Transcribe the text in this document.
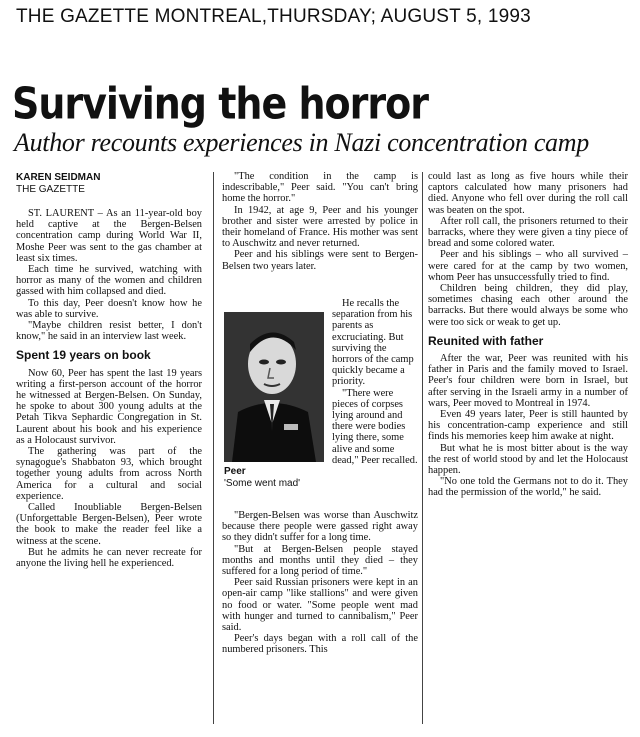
THE GAZETTE MONTREAL,THURSDAY; AUGUST 5, 1993
Surviving the horror
Author recounts experiences in Nazi concentration camp
KAREN SEIDMAN
THE GAZETTE

ST. LAURENT – As an 11-year-old boy held captive at the Bergen-Belsen concentration camp during World War II, Moshe Peer was sent to the gas chamber at least six times.

Each time he survived, watching with horror as many of the women and children gassed with him collapsed and died.

To this day, Peer doesn't know how he was able to survive.

"Maybe children resist better, I don't know," he said in an interview last week.

Spent 19 years on book

Now 60, Peer has spent the last 19 years writing a first-person account of the horror he witnessed at Bergen-Belsen. On Sunday, he spoke to about 300 young adults at the Petah Tikva Sephardic Congregation in St. Laurent about his book and his experience as a Holocaust survivor.

The gathering was part of the synagogue's Shabbaton 93, which brought together young adults from across North America for a cultural and social experience.

Called Inoubliable Bergen-Belsen (Unforgettable Bergen-Belsen), Peer wrote the book to make the reader feel like a witness at the scene.

But he admits he can never recreate for anyone the living hell he experienced.

"The condition in the camp is indescribable," Peer said. "You can't bring home the horror."

In 1942, at age 9, Peer and his younger brother and sister were arrested by police in their homeland of France. His mother was sent to Auschwitz and never returned.

Peer and his siblings were sent to Bergen-Belsen two years later.

Peer
'Some went mad'

He recalls the separation from his parents as excruciating. But surviving the horrors of the camp quickly became a priority.

"There were pieces of corpses lying around and there were bodies lying there, some alive and some dead," Peer recalled.

"Bergen-Belsen was worse than Auschwitz because there people were gassed right away so they didn't suffer for a long time.

"But at Bergen-Belsen people stayed months and months until they died – they suffered for a long period of time."

Peer said Russian prisoners were kept in an open-air camp "like stallions" and were given no food or water. "Some people went mad with hunger and turned to cannibalism," Peer said.

Peer's days began with a roll call of the numbered prisoners. This

could last as long as five hours while their captors calculated how many prisoners had died. Anyone who fell over during the roll call was beaten on the spot.

After roll call, the prisoners returned to their barracks, where they were given a tiny piece of bread and some colored water.

Peer and his siblings – who all survived – were cared for at the camp by two women, whom Peer has unsuccessfully tried to find.

Children being children, they did play, sometimes chasing each other around the barracks. But there would always be some who were too sick or weak to get up.

Reunited with father

After the war, Peer was reunited with his father in Paris and the family moved to Israel. Peer's four children were born in Israel, but after serving in the Israeli army in a number of wars, Peer moved to Montreal in 1974.

Even 49 years later, Peer is still haunted by his concentration-camp experience and still finds his memories keep him awake at night.

But what he is most bitter about is the way the rest of world stood by and let the Holocaust happen.

"No one told the Germans not to do it. They had the permission of the world," he said.
